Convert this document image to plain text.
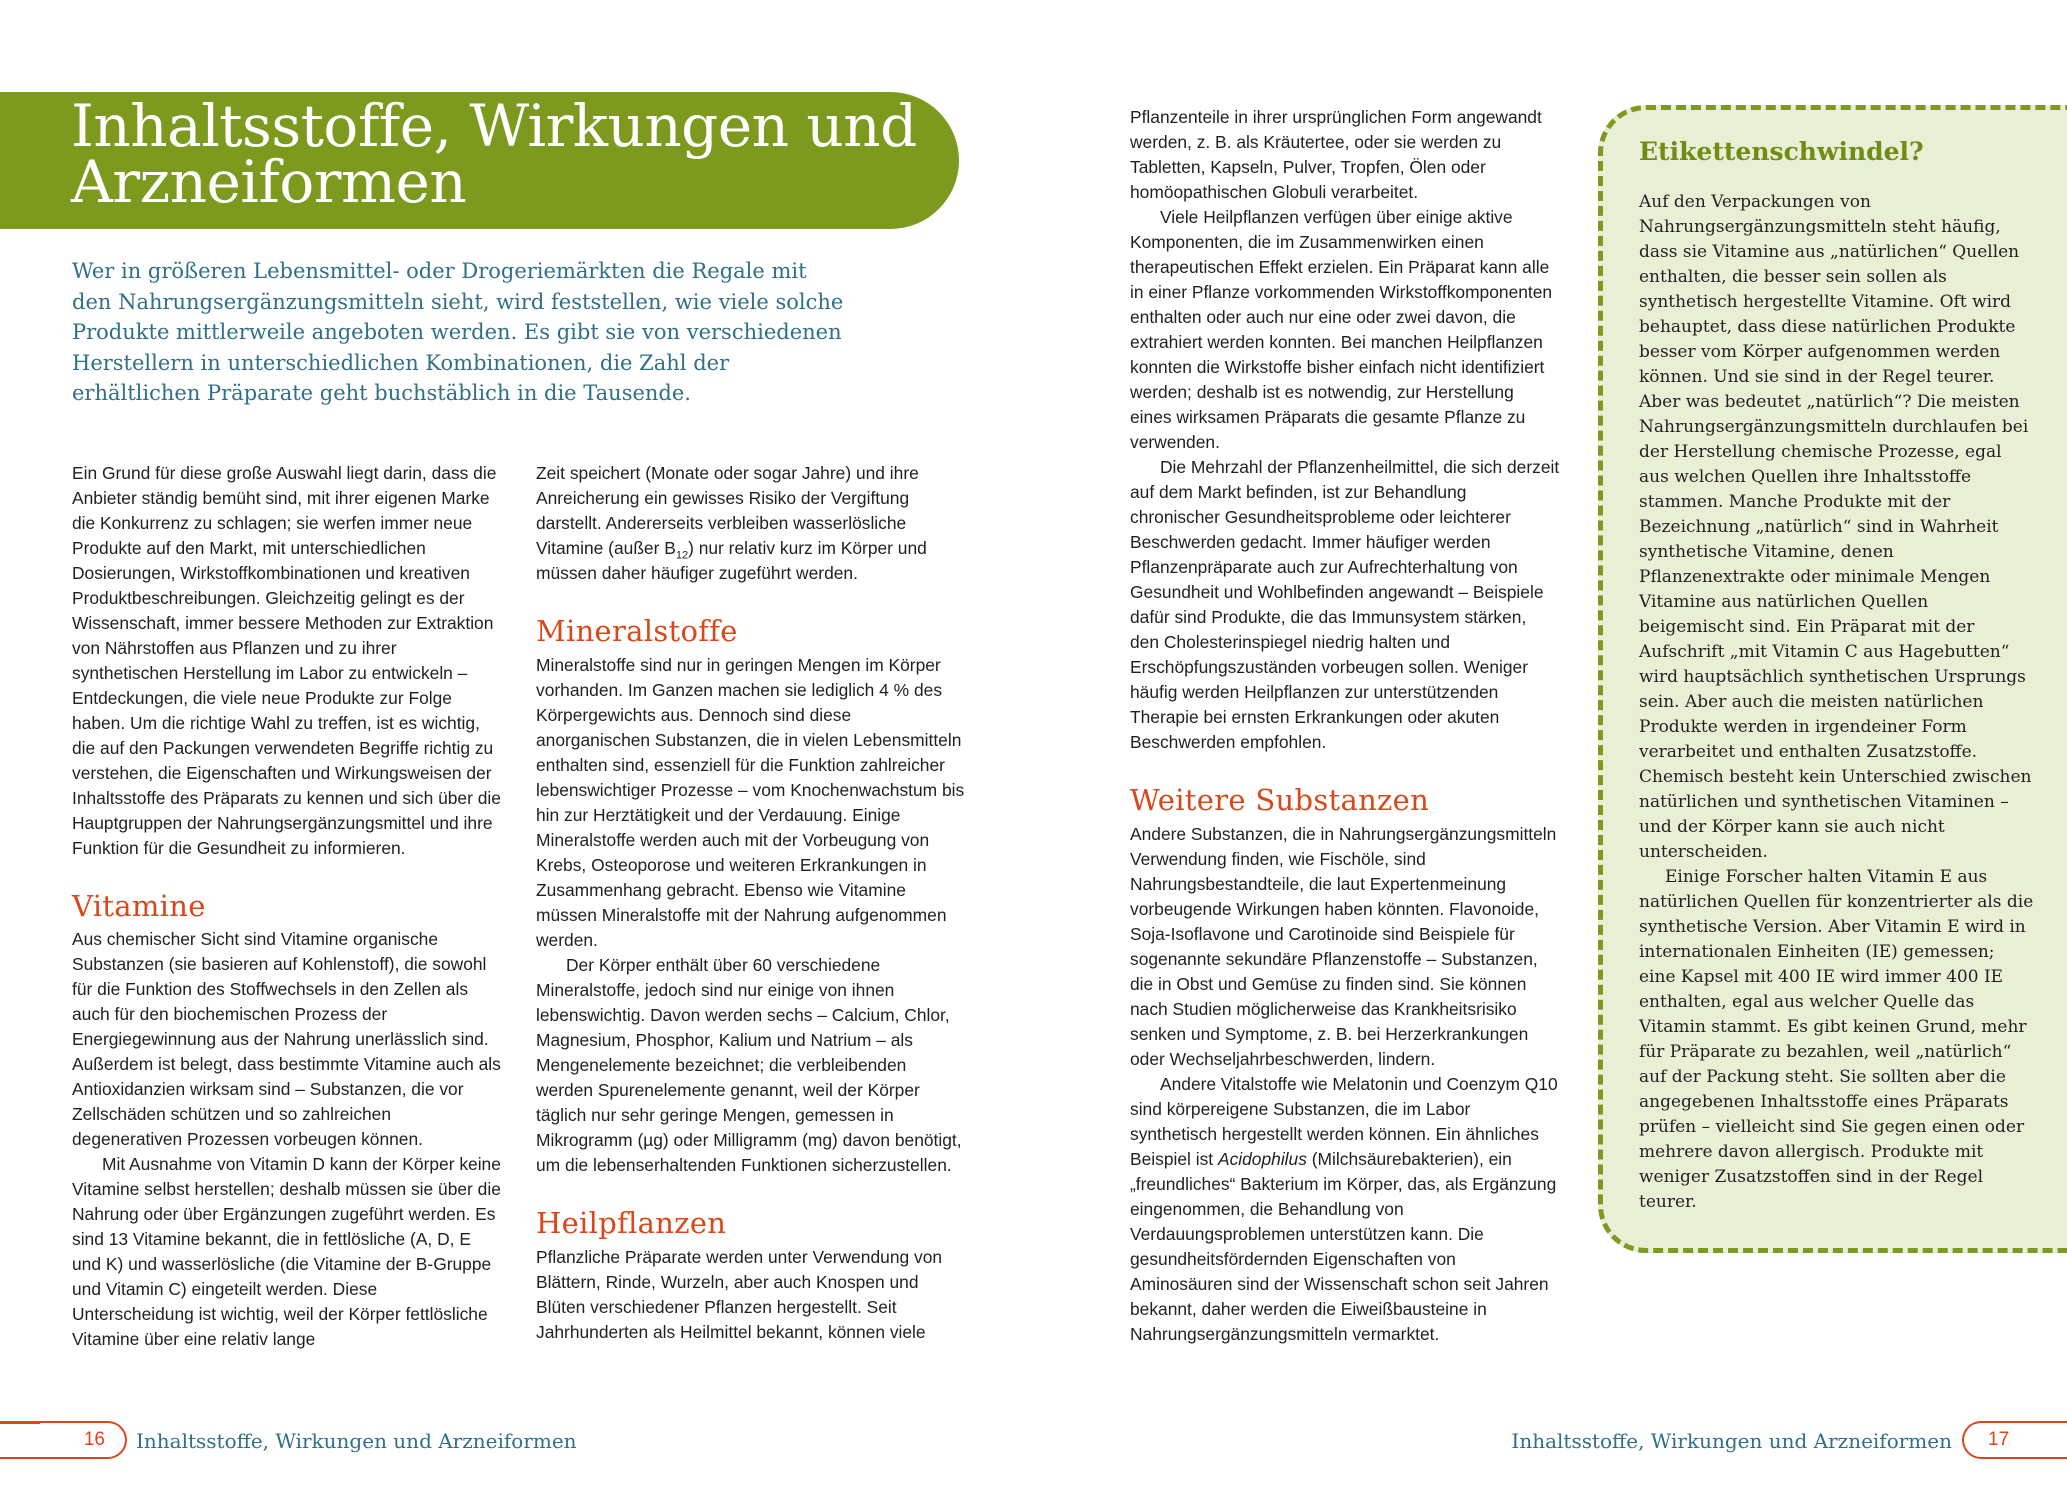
Inhaltsstoffe, Wirkungen und
Arzneiformen

Wer in größeren Lebensmittel- oder Drogeriemärkten die Regale mit den Nahrungsergänzungsmitteln sieht, wird feststellen, wie viele solche Produkte mittlerweile angeboten werden. Es gibt sie von verschiedenen Herstellern in unterschiedlichen Kombinationen, die Zahl der erhältlichen Präparate geht buchstäblich in die Tausende.

Ein Grund für diese große Auswahl liegt darin, dass die Anbieter ständig bemüht sind, mit ihrer eigenen Marke die Konkurrenz zu schlagen; sie werfen immer neue Produkte auf den Markt, mit unterschiedlichen Dosierungen, Wirkstoffkombinationen und kreativen Produktbeschreibungen. Gleichzeitig gelingt es der Wissenschaft, immer bessere Methoden zur Extraktion von Nährstoffen aus Pflanzen und zu ihrer synthetischen Herstellung im Labor zu entwickeln – Entdeckungen, die viele neue Produkte zur Folge haben. Um die richtige Wahl zu treffen, ist es wichtig, die auf den Packungen verwendeten Begriffe richtig zu verstehen, die Eigenschaften und Wirkungsweisen der Inhaltsstoffe des Präparats zu kennen und sich über die Hauptgruppen der Nahrungsergänzungsmittel und ihre Funktion für die Gesundheit zu informieren.

Vitamine

Aus chemischer Sicht sind Vitamine organische Substanzen (sie basieren auf Kohlenstoff), die sowohl für die Funktion des Stoffwechsels in den Zellen als auch für den biochemischen Prozess der Energiegewinnung aus der Nahrung unerlässlich sind. Außerdem ist belegt, dass bestimmte Vitamine auch als Antioxidanzien wirksam sind – Substanzen, die vor Zellschäden schützen und so zahlreichen degenerativen Prozessen vorbeugen können.

Mit Ausnahme von Vitamin D kann der Körper keine Vitamine selbst herstellen; deshalb müssen sie über die Nahrung oder über Ergänzungen zugeführt werden. Es sind 13 Vitamine bekannt, die in fettlösliche (A, D, E und K) und wasserlösliche (die Vitamine der B-Gruppe und Vitamin C) eingeteilt werden. Diese Unterscheidung ist wichtig, weil der Körper fettlösliche Vitamine über eine relativ lange

Zeit speichert (Monate oder sogar Jahre) und ihre Anreicherung ein gewisses Risiko der Vergiftung darstellt. Andererseits verbleiben wasserlösliche Vitamine (außer $B_{12}$) nur relativ kurz im Körper und müssen daher häufiger zugeführt werden.

Mineralstoffe

Mineralstoffe sind nur in geringen Mengen im Körper vorhanden. Im Ganzen machen sie lediglich 4 % des Körpergewichts aus. Dennoch sind diese anorganischen Substanzen, die in vielen Lebensmitteln enthalten sind, essenziell für die Funktion zahlreicher lebenswichtiger Prozesse – vom Knochenwachstum bis hin zur Herztätigkeit und der Verdauung. Einige Mineralstoffe werden auch mit der Vorbeugung von Krebs, Osteoporose und weiteren Erkrankungen in Zusammenhang gebracht. Ebenso wie Vitamine müssen Mineralstoffe mit der Nahrung aufgenommen werden.

Der Körper enthält über 60 verschiedene Mineralstoffe, jedoch sind nur einige von ihnen lebenswichtig. Davon werden sechs – Calcium, Chlor, Magnesium, Phosphor, Kalium und Natrium – als Mengenelemente bezeichnet; die verbleibenden werden Spurenelemente genannt, weil der Körper täglich nur sehr geringe Mengen, gemessen in Mikrogramm (µg) oder Milligramm (mg) davon benötigt, um die lebenserhaltenden Funktionen sicherzustellen.

Heilpflanzen

Pflanzliche Präparate werden unter Verwendung von Blättern, Rinde, Wurzeln, aber auch Knospen und Blüten verschiedener Pflanzen hergestellt. Seit Jahrhunderten als Heilmittel bekannt, können viele

Pflanzenteile in ihrer ursprünglichen Form angewandt werden, z. B. als Kräutertee, oder sie werden zu Tabletten, Kapseln, Pulver, Tropfen, Ölen oder homöopathischen Globuli verarbeitet.

Viele Heilpflanzen verfügen über einige aktive Komponenten, die im Zusammenwirken einen therapeutischen Effekt erzielen. Ein Präparat kann alle in einer Pflanze vorkommenden Wirkstoffkomponenten enthalten oder auch nur eine oder zwei davon, die extrahiert werden konnten. Bei manchen Heilpflanzen konnten die Wirkstoffe bisher einfach nicht identifiziert werden; deshalb ist es notwendig, zur Herstellung eines wirksamen Präparats die gesamte Pflanze zu verwenden.

Die Mehrzahl der Pflanzenheilmittel, die sich derzeit auf dem Markt befinden, ist zur Behandlung chronischer Gesundheitsprobleme oder leichterer Beschwerden gedacht. Immer häufiger werden Pflanzenpräparate auch zur Aufrechterhaltung von Gesundheit und Wohlbefinden angewandt – Beispiele dafür sind Produkte, die das Immunsystem stärken, den Cholesterinspiegel niedrig halten und Erschöpfungszuständen vorbeugen sollen. Weniger häufig werden Heilpflanzen zur unterstützenden Therapie bei ernsten Erkrankungen oder akuten Beschwerden empfohlen.

Weitere Substanzen

Andere Substanzen, die in Nahrungsergänzungsmitteln Verwendung finden, wie Fischöle, sind Nahrungsbestandteile, die laut Expertenmeinung vorbeugende Wirkungen haben könnten. Flavonoide, Soja-Isoflavone und Carotinoide sind Beispiele für sogenannte sekundäre Pflanzenstoffe – Substanzen, die in Obst und Gemüse zu finden sind. Sie können nach Studien möglicherweise das Krankheitsrisiko senken und Symptome, z. B. bei Herzerkrankungen oder Wechseljahrbeschwerden, lindern.

Andere Vitalstoffe wie Melatonin und Coenzym Q10 sind körpereigene Substanzen, die im Labor synthetisch hergestellt werden können. Ein ähnliches Beispiel ist Acidophilus (Milchsäurebakterien), ein „freundliches“ Bakterium im Körper, das, als Ergänzung eingenommen, die Behandlung von Verdauungsproblemen unterstützen kann. Die gesundheitsfördernden Eigenschaften von Aminosäuren sind der Wissenschaft schon seit Jahren bekannt, daher werden die Eiweißbausteine in Nahrungsergänzungsmitteln vermarktet.

Etikettenschwindel?

Auf den Verpackungen von Nahrungsergänzungsmitteln steht häufig, dass sie Vitamine aus „natürlichen“ Quellen enthalten, die besser sein sollen als synthetisch hergestellte Vitamine. Oft wird behauptet, dass diese natürlichen Produkte besser vom Körper aufgenommen werden können. Und sie sind in der Regel teurer. Aber was bedeutet „natürlich“? Die meisten Nahrungsergänzungsmitteln durchlaufen bei der Herstellung chemische Prozesse, egal aus welchen Quellen ihre Inhaltsstoffe stammen. Manche Produkte mit der Bezeichnung „natürlich“ sind in Wahrheit synthetische Vitamine, denen Pflanzenextrakte oder minimale Mengen Vitamine aus natürlichen Quellen beigemischt sind. Ein Präparat mit der Aufschrift „mit Vitamin C aus Hagebutten“ wird hauptsächlich synthetischen Ursprungs sein. Aber auch die meisten natürlichen Produkte werden in irgendeiner Form verarbeitet und enthalten Zusatzstoffe. Chemisch besteht kein Unterschied zwischen natürlichen und synthetischen Vitaminen – und der Körper kann sie auch nicht unterscheiden.

Einige Forscher halten Vitamin E aus natürlichen Quellen für konzentrierter als die synthetische Version. Aber Vitamin E wird in internationalen Einheiten (IE) gemessen; eine Kapsel mit 400 IE wird immer 400 IE enthalten, egal aus welcher Quelle das Vitamin stammt. Es gibt keinen Grund, mehr für Präparate zu bezahlen, weil „natürlich“ auf der Packung steht. Sie sollten aber die angegebenen Inhaltsstoffe eines Präparats prüfen – vielleicht sind Sie gegen einen oder mehrere davon allergisch. Produkte mit weniger Zusatzstoffen sind in der Regel teurer.

16	Inhaltsstoffe, Wirkungen und Arzneiformen	Inhaltsstoffe, Wirkungen und Arzneiformen	17
